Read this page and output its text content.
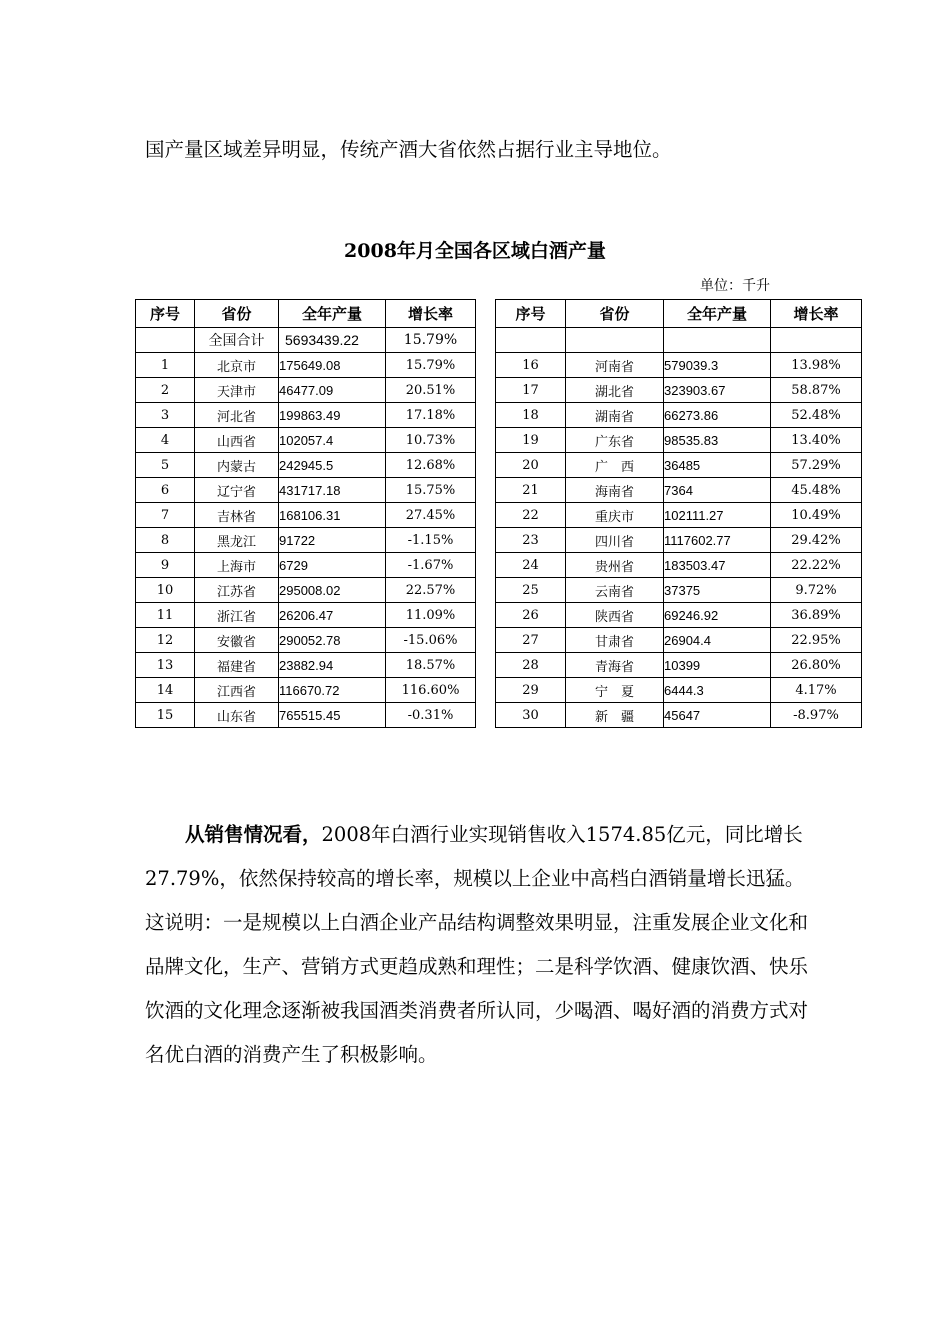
国产量区域差异明显，传统产酒大省依然占据行业主导地位。
2008年月全国各区域白酒产量
单位：千升
序号	省份	全年产量	增长率
	全国合计	5693439.22	15.79%
1	北京市	175649.08	15.79%
2	天津市	46477.09	20.51%
3	河北省	199863.49	17.18%
4	山西省	102057.4	10.73%
5	内蒙古	242945.5	12.68%
6	辽宁省	431717.18	15.75%
7	吉林省	168106.31	27.45%
8	黑龙江	91722	-1.15%
9	上海市	6729	-1.67%
10	江苏省	295008.02	22.57%
11	浙江省	26206.47	11.09%
12	安徽省	290052.78	-15.06%
13	福建省	23882.94	18.57%
14	江西省	116670.72	116.60%
15	山东省	765515.45	-0.31%
序号	省份	全年产量	增长率

16	河南省	579039.3	13.98%
17	湖北省	323903.67	58.87%
18	湖南省	66273.86	52.48%
19	广东省	98535.83	13.40%
20	广　西	36485	57.29%
21	海南省	7364	45.48%
22	重庆市	102111.27	10.49%
23	四川省	1117602.77	29.42%
24	贵州省	183503.47	22.22%
25	云南省	37375	9.72%
26	陕西省	69246.92	36.89%
27	甘肃省	26904.4	22.95%
28	青海省	10399	26.80%
29	宁　夏	6444.3	4.17%
30	新　疆	45647	-8.97%
从销售情况看，2008年白酒行业实现销售收入1574.85亿元，同比增长27.79%，依然保持较高的增长率，规模以上企业中高档白酒销量增长迅猛。这说明：一是规模以上白酒企业产品结构调整效果明显，注重发展企业文化和品牌文化，生产、营销方式更趋成熟和理性；二是科学饮酒、健康饮酒、快乐饮酒的文化理念逐渐被我国酒类消费者所认同，少喝酒、喝好酒的消费方式对名优白酒的消费产生了积极影响。
